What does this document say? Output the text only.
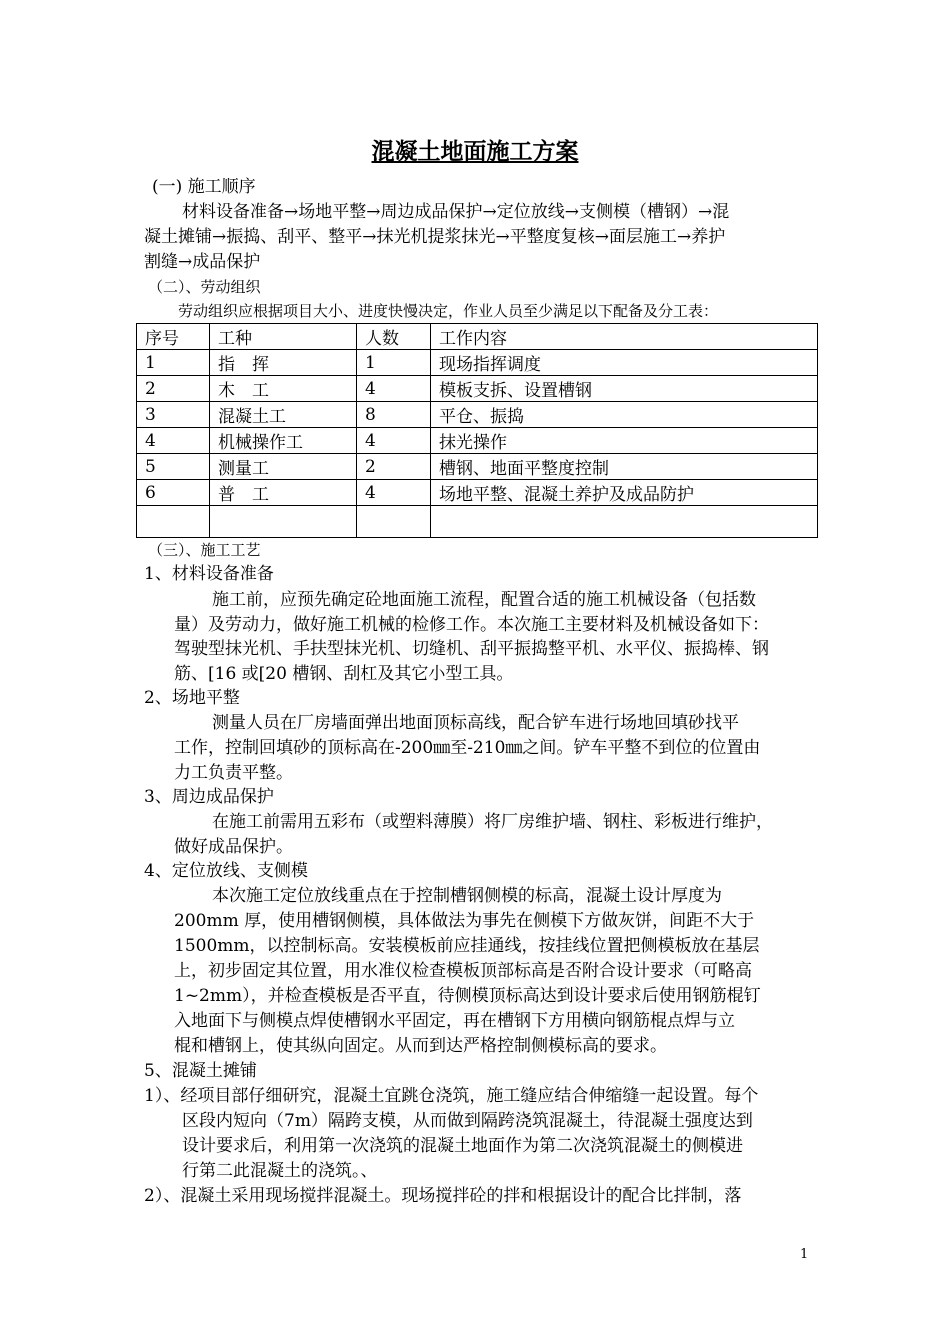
混凝土地面施工方案
(一) 施工顺序
材料设备准备→场地平整→周边成品保护→定位放线→支侧模（槽钢）→混
凝土摊铺→振捣、刮平、整平→抹光机提浆抹光→平整度复核→面层施工→养护
割缝→成品保护
（二）、劳动组织
劳动组织应根据项目大小、进度快慢决定，作业人员至少满足以下配备及分工表：
序号	工种	人数	工作内容
1	指　挥	1	现场指挥调度
2	木　工	4	模板支拆、设置槽钢
3	混凝土工	8	平仓、振捣
4	机械操作工	4	抹光操作
5	测量工	2	槽钢、地面平整度控制
6	普　工	4	场地平整、混凝土养护及成品防护

（三）、施工工艺
1、材料设备准备
施工前，应预先确定砼地面施工流程，配置合适的施工机械设备（包括数
量）及劳动力，做好施工机械的检修工作。本次施工主要材料及机械设备如下：
驾驶型抹光机、手扶型抹光机、切缝机、刮平振捣整平机、水平仪、振捣棒、钢
筋、[16 或[20 槽钢、刮杠及其它小型工具。
2、场地平整
测量人员在厂房墙面弹出地面顶标高线，配合铲车进行场地回填砂找平
工作，控制回填砂的顶标高在-200㎜至-210㎜之间。铲车平整不到位的位置由
力工负责平整。
3、周边成品保护
在施工前需用五彩布（或塑料薄膜）将厂房维护墙、钢柱、彩板进行维护，
做好成品保护。
4、定位放线、支侧模
本次施工定位放线重点在于控制槽钢侧模的标高，混凝土设计厚度为
200mm 厚，使用槽钢侧模，具体做法为事先在侧模下方做灰饼，间距不大于
1500mm，以控制标高。安装模板前应挂通线，按挂线位置把侧模板放在基层
上，初步固定其位置，用水准仪检查模板顶部标高是否附合设计要求（可略高
1~2mm），并检查模板是否平直，待侧模顶标高达到设计要求后使用钢筋棍钉
入地面下与侧模点焊使槽钢水平固定，再在槽钢下方用横向钢筋棍点焊与立
棍和槽钢上，使其纵向固定。从而到达严格控制侧模标高的要求。
5、混凝土摊铺
1）、经项目部仔细研究，混凝土宜跳仓浇筑，施工缝应结合伸缩缝一起设置。每个
区段内短向（7m）隔跨支模，从而做到隔跨浇筑混凝土，待混凝土强度达到
设计要求后，利用第一次浇筑的混凝土地面作为第二次浇筑混凝土的侧模进
行第二此混凝土的浇筑。、
2）、混凝土采用现场搅拌混凝土。现场搅拌砼的拌和根据设计的配合比拌制，落
1
